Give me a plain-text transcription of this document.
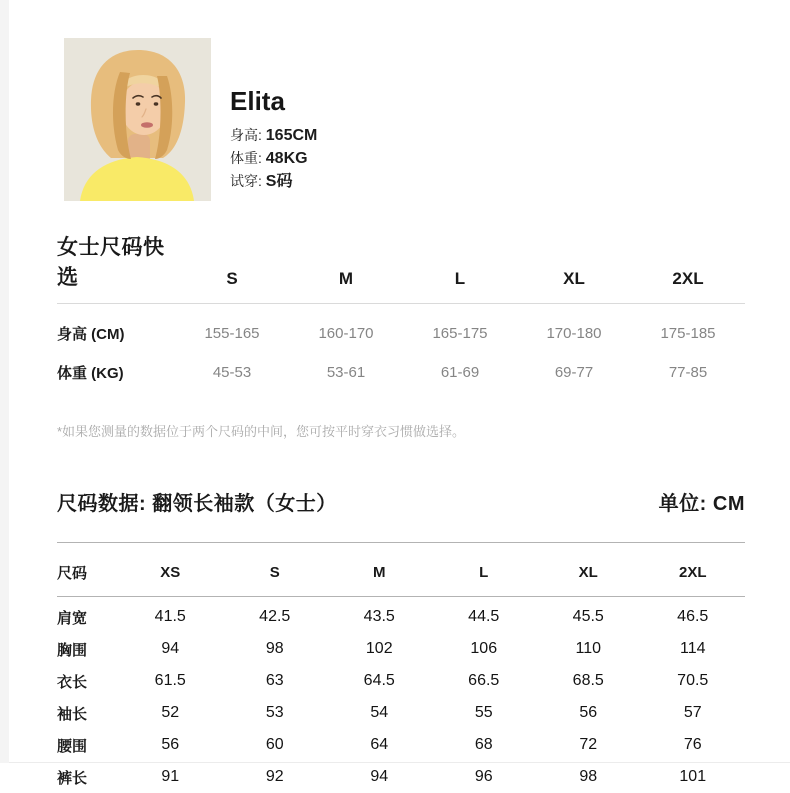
Elita
身高: 165CM
体重: 48KG
试穿: S码
女士尺码快选	S	M	L	XL	2XL
身高 (CM)	155-165	160-170	165-175	170-180	175-185
体重 (KG)	45-53	53-61	61-69	69-77	77-85

*如果您测量的数据位于两个尺码的中间，您可按平时穿衣习惯做选择。

尺码数据: 翻领长袖款（女士）	单位: CM
尺码	XS	S	M	L	XL	2XL
肩宽	41.5	42.5	43.5	44.5	45.5	46.5
胸围	94	98	102	106	110	114
衣长	61.5	63	64.5	66.5	68.5	70.5
袖长	52	53	54	55	56	57
腰围	56	60	64	68	72	76
裤长	91	92	94	96	98	101
